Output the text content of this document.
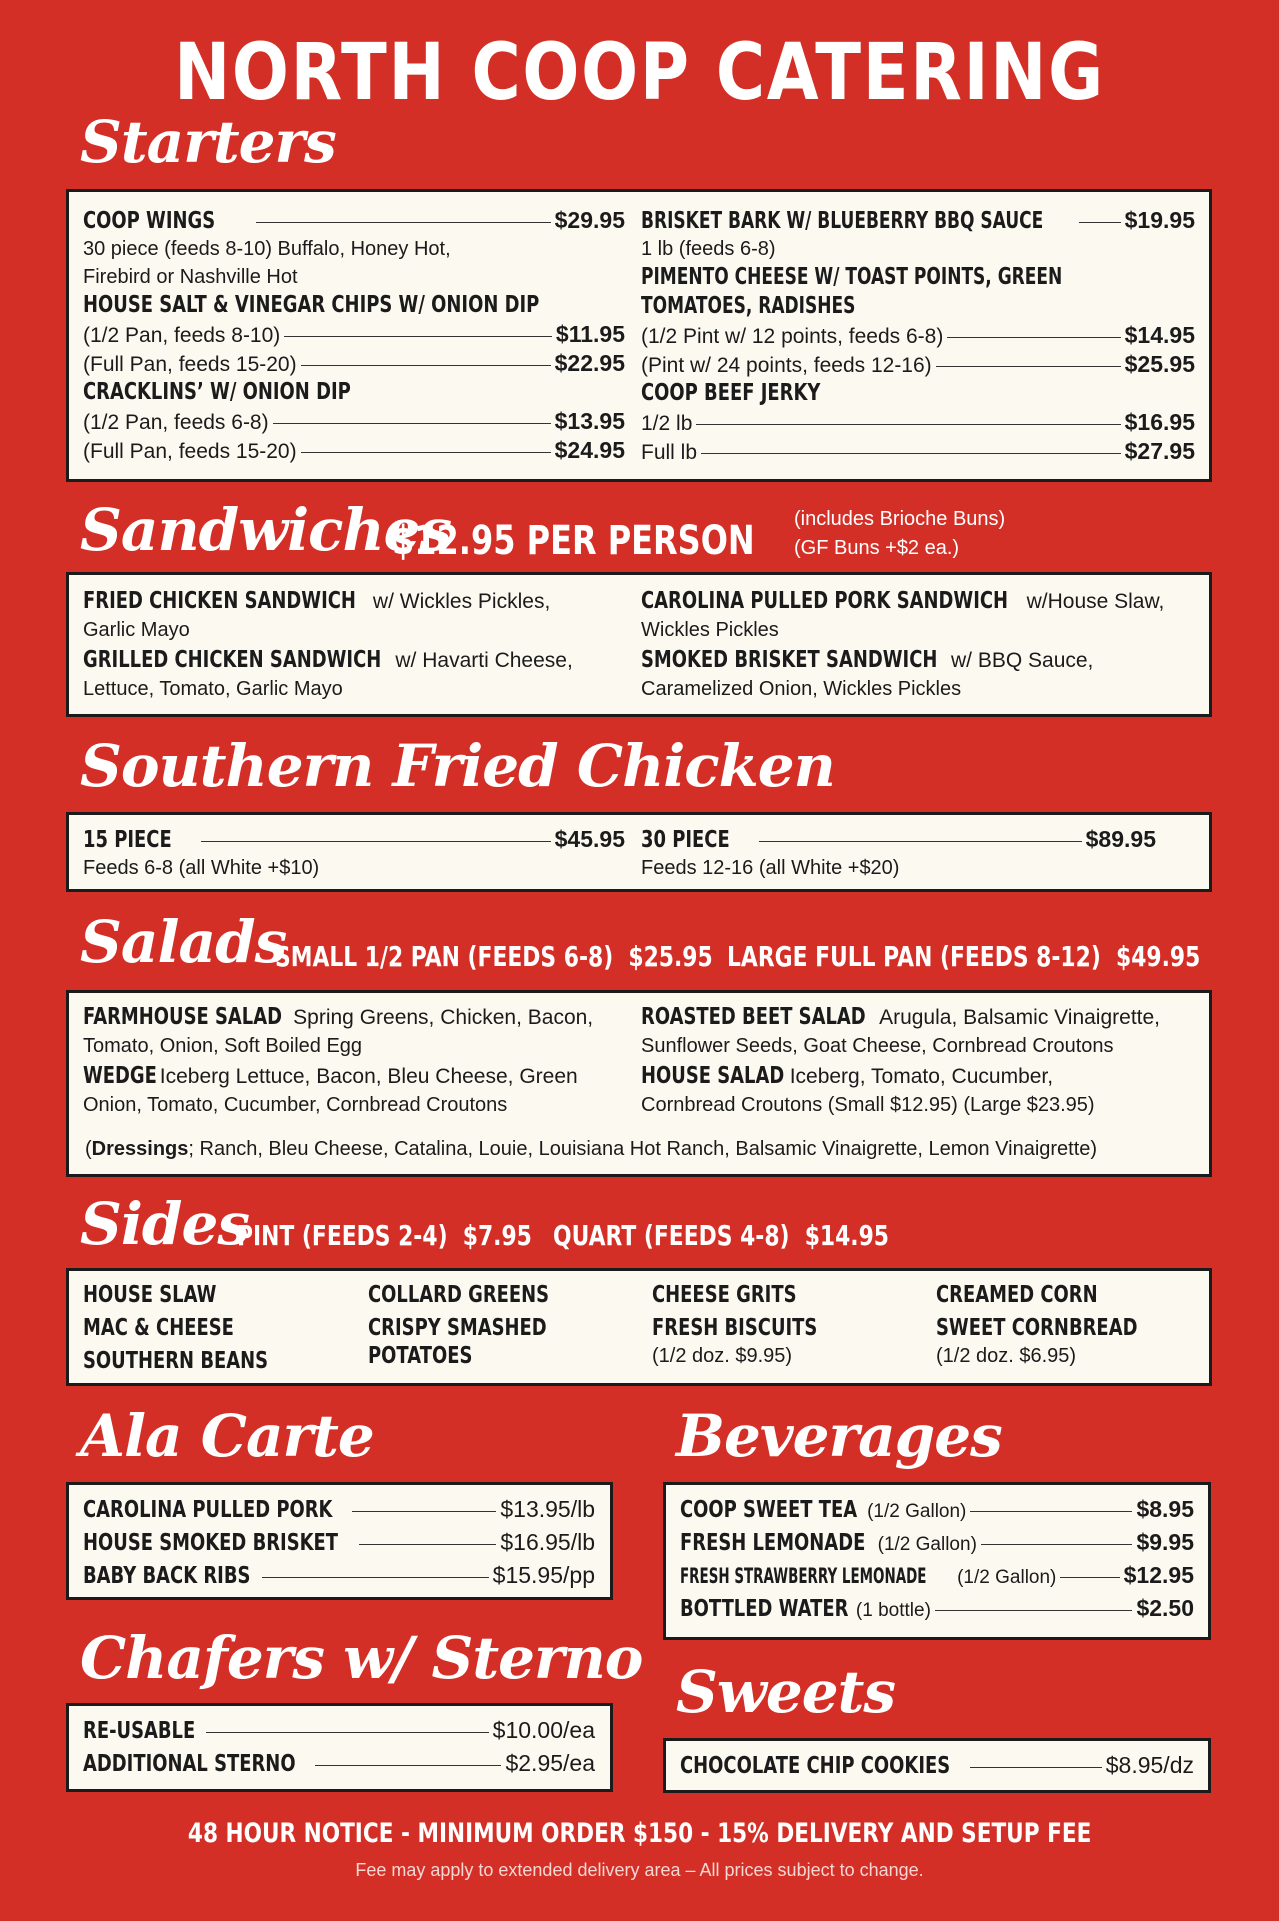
NORTH COOP CATERING
Starters
COOP WINGS	$29.95
30 piece (feeds 8-10) Buffalo, Honey Hot,
Firebird or Nashville Hot
HOUSE SALT & VINEGAR CHIPS W/ ONION DIP
(1/2 Pan, feeds 8-10)	$11.95
(Full Pan, feeds 15-20)	$22.95
CRACKLINS’ W/ ONION DIP
(1/2 Pan, feeds 6-8)	$13.95
(Full Pan, feeds 15-20)	$24.95
BRISKET BARK W/ BLUEBERRY BBQ SAUCE	$19.95
1 lb (feeds 6-8)
PIMENTO CHEESE W/ TOAST POINTS, GREEN
TOMATOES, RADISHES
(1/2 Pint w/ 12 points, feeds 6-8)	$14.95
(Pint w/ 24 points, feeds 12-16)	$25.95
COOP BEEF JERKY
1/2 lb	$16.95
Full lb	$27.95
Sandwiches
$12.95 PER PERSON	(includes Brioche Buns)
(GF Buns +$2 ea.)
FRIED CHICKEN SANDWICH w/ Wickles Pickles,
Garlic Mayo
GRILLED CHICKEN SANDWICH w/ Havarti Cheese,
Lettuce, Tomato, Garlic Mayo
CAROLINA PULLED PORK SANDWICH w/House Slaw,
Wickles Pickles
SMOKED BRISKET SANDWICH w/ BBQ Sauce,
Caramelized Onion, Wickles Pickles
Southern Fried Chicken
15 PIECE	$45.95
Feeds 6-8 (all White +$10)
30 PIECE	$89.95
Feeds 12-16 (all White +$20)
Salads
SMALL 1/2 PAN (FEEDS 6-8) $25.95 LARGE FULL PAN (FEEDS 8-12) $49.95
FARMHOUSE SALAD Spring Greens, Chicken, Bacon,
Tomato, Onion, Soft Boiled Egg
WEDGE Iceberg Lettuce, Bacon, Bleu Cheese, Green
Onion, Tomato, Cucumber, Cornbread Croutons
ROASTED BEET SALAD Arugula, Balsamic Vinaigrette,
Sunflower Seeds, Goat Cheese, Cornbread Croutons
HOUSE SALAD Iceberg, Tomato, Cucumber,
Cornbread Croutons (Small $12.95) (Large $23.95)
(Dressings; Ranch, Bleu Cheese, Catalina, Louie, Louisiana Hot Ranch, Balsamic Vinaigrette, Lemon Vinaigrette)
Sides
PINT (FEEDS 2-4) $7.95 QUART (FEEDS 4-8) $14.95
HOUSE SLAW
MAC & CHEESE
SOUTHERN BEANS
COLLARD GREENS
CRISPY SMASHED
POTATOES
CHEESE GRITS
FRESH BISCUITS
(1/2 doz. $9.95)
CREAMED CORN
SWEET CORNBREAD
(1/2 doz. $6.95)
Ala Carte
CAROLINA PULLED PORK	$13.95/lb
HOUSE SMOKED BRISKET	$16.95/lb
BABY BACK RIBS	$15.95/pp
Beverages
COOP SWEET TEA (1/2 Gallon)	$8.95
FRESH LEMONADE (1/2 Gallon)	$9.95
FRESH STRAWBERRY LEMONADE (1/2 Gallon)	$12.95
BOTTLED WATER (1 bottle)	$2.50
Chafers w/ Sterno
RE-USABLE	$10.00/ea
ADDITIONAL STERNO	$2.95/ea
Sweets
CHOCOLATE CHIP COOKIES	$8.95/dz
48 HOUR NOTICE - MINIMUM ORDER $150 - 15% DELIVERY AND SETUP FEE
Fee may apply to extended delivery area – All prices subject to change.
